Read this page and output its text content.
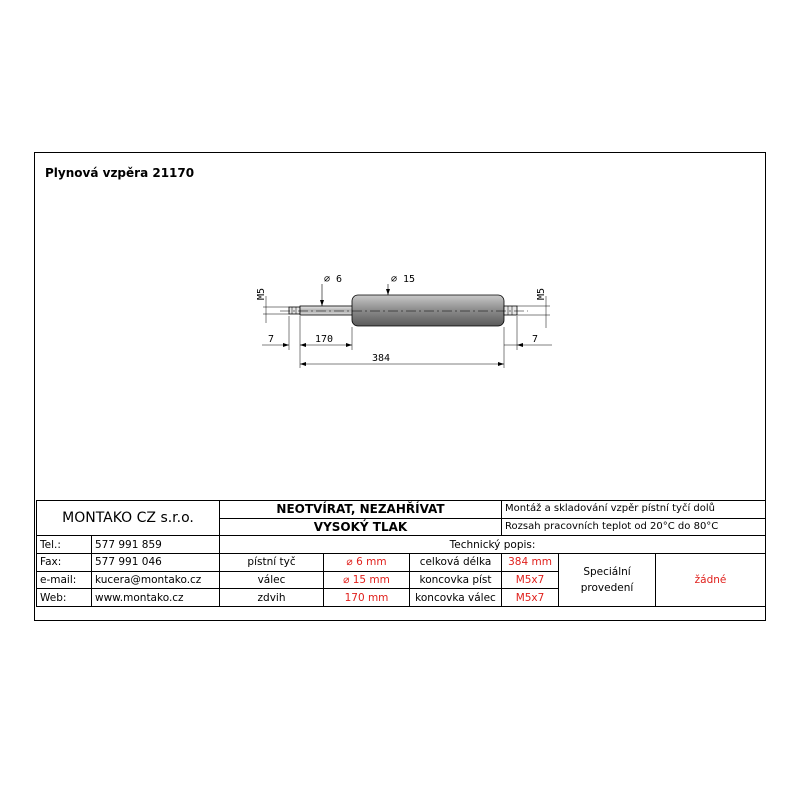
Plynová vzpěra 21170
⌀ 6	⌀ 15
M5	M5
7	170
384
7
MONTAKO CZ s.r.o.		NEOTVÍRAT, NEZAHŘÍVAT			Montáž a skladování vzpěr pístní tyčí dolů		
		VYSOKÝ TLAK			Rozsah pracovních teplot od 20°C do 80°C		
Tel.:	577 991 859	Technický popis:					
Fax:	577 991 046	pístní tyč	⌀ 6 mm	celková délka	384 mm	Speciální provedení	žádné
e-mail:	kucera@montako.cz	válec	⌀ 15 mm	koncovka píst	M5x7		
Web:	www.montako.cz	zdvih	170 mm	koncovka válec	M5x7		
